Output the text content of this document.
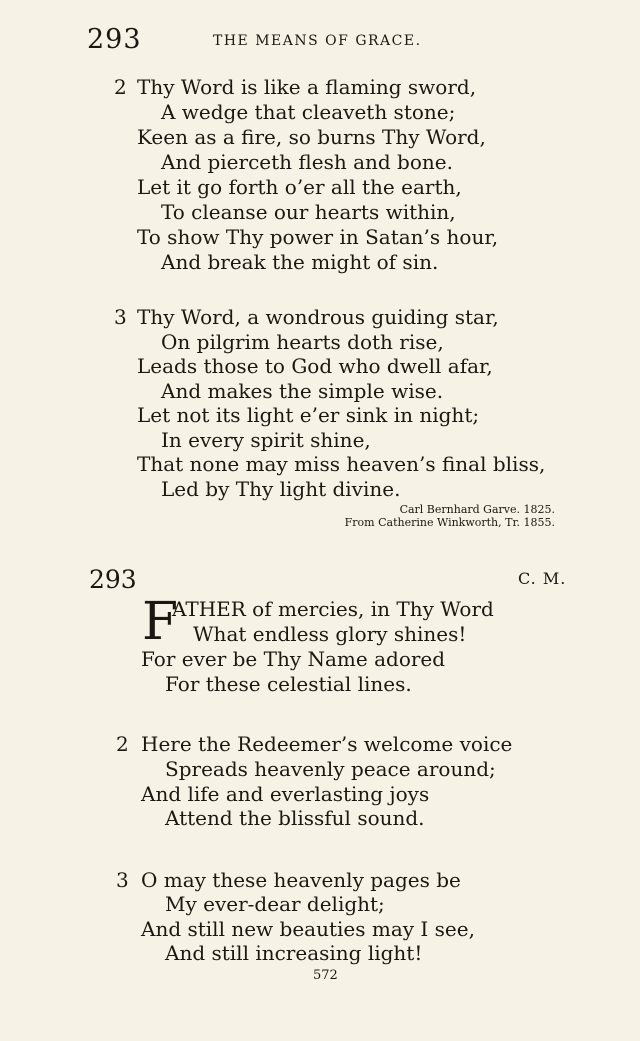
293	THE MEANS OF GRACE.
2 Thy Word is like a flaming sword,
A wedge that cleaveth stone;
Keen as a fire, so burns Thy Word,
And pierceth flesh and bone.
Let it go forth o’er all the earth,
To cleanse our hearts within,
To show Thy power in Satan’s hour,
And break the might of sin.
3 Thy Word, a wondrous guiding star,
On pilgrim hearts doth rise,
Leads those to God who dwell afar,
And makes the simple wise.
Let not its light e’er sink in night;
In every spirit shine,
That none may miss heaven’s final bliss,
Led by Thy light divine.
Carl Bernhard Garve. 1825.
From Catherine Winkworth, Tr. 1855.
293	C. M.
F
ATHER of mercies, in Thy Word
What endless glory shines!
For ever be Thy Name adored
For these celestial lines.
2 Here the Redeemer’s welcome voice
Spreads heavenly peace around;
And life and everlasting joys
Attend the blissful sound.
3 O may these heavenly pages be
My ever-dear delight;
And still new beauties may I see,
And still increasing light!
572
